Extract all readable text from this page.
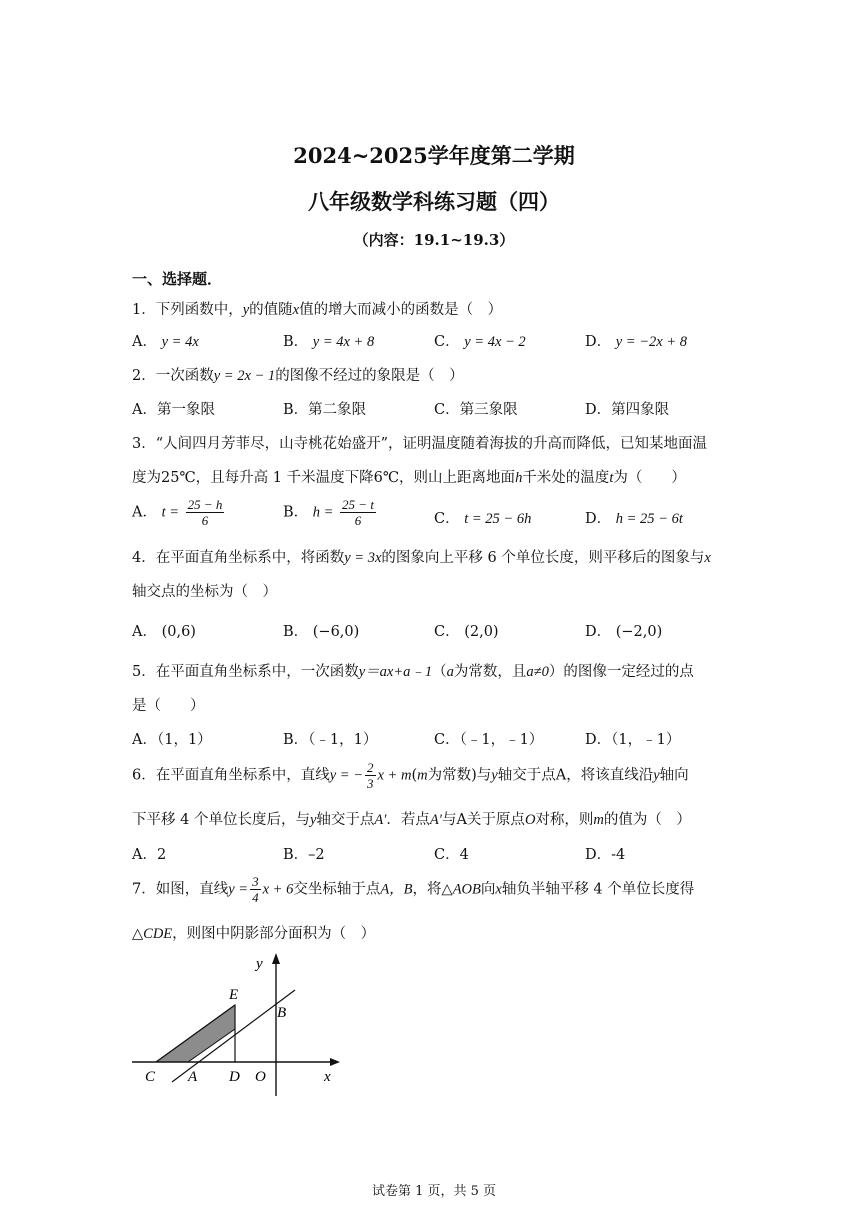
2024~2025学年度第二学期
八年级数学科练习题（四）
（内容：19.1~19.3）
一、选择题．
1．下列函数中，y的值随x值的增大而减小的函数是（　）
A． y = 4x	B． y = 4x + 8	C． y = 4x − 2	D． y = −2x + 8
2．一次函数y = 2x − 1的图像不经过的象限是（　）
A．第一象限	B．第二象限	C．第三象限	D．第四象限
3．“人间四月芳菲尽，山寺桃花始盛开”，证明温度随着海拔的升高而降低，已知某地面温
度为25℃，且每升高 1 千米温度下降6℃，则山上距离地面h千米处的温度t为（　　）
A． $t = \frac{25 - h}{6}$	B． $h = \frac{25 - t}{6}$	C． t = 25 − 6h	D． h = 25 − 6t
4．在平面直角坐标系中，将函数y = 3x的图象向上平移 6 个单位长度，则平移后的图象与x
轴交点的坐标为（　）
A． (0,6)	B． (−6,0)	C． (2,0)	D． (−2,0)
5．在平面直角坐标系中，一次函数y＝ax+a﹣1（a为常数，且a≠0）的图像一定经过的点
是（　　）
A．（1，1）	B．（﹣1，1）	C．（﹣1，﹣1）	D．（1，﹣1）
6．在平面直角坐标系中，直线y = − $\frac{2}{3}$ x + m(m为常数)与y轴交于点A，将该直线沿y轴向
下平移 4 个单位长度后，与y轴交于点A′．若点A′与A关于原点O对称，则m的值为（　）
A．2	B．–2	C．4	D．-4
7．如图，直线$y = \frac{3}{4}$ x + 6交坐标轴于点A，B，将△AOB向x轴负半轴平移 4 个单位长度得
△CDE，则图中阴影部分面积为（　）
y
E
B
C A D O	x
试卷第 1 页，共 5 页
